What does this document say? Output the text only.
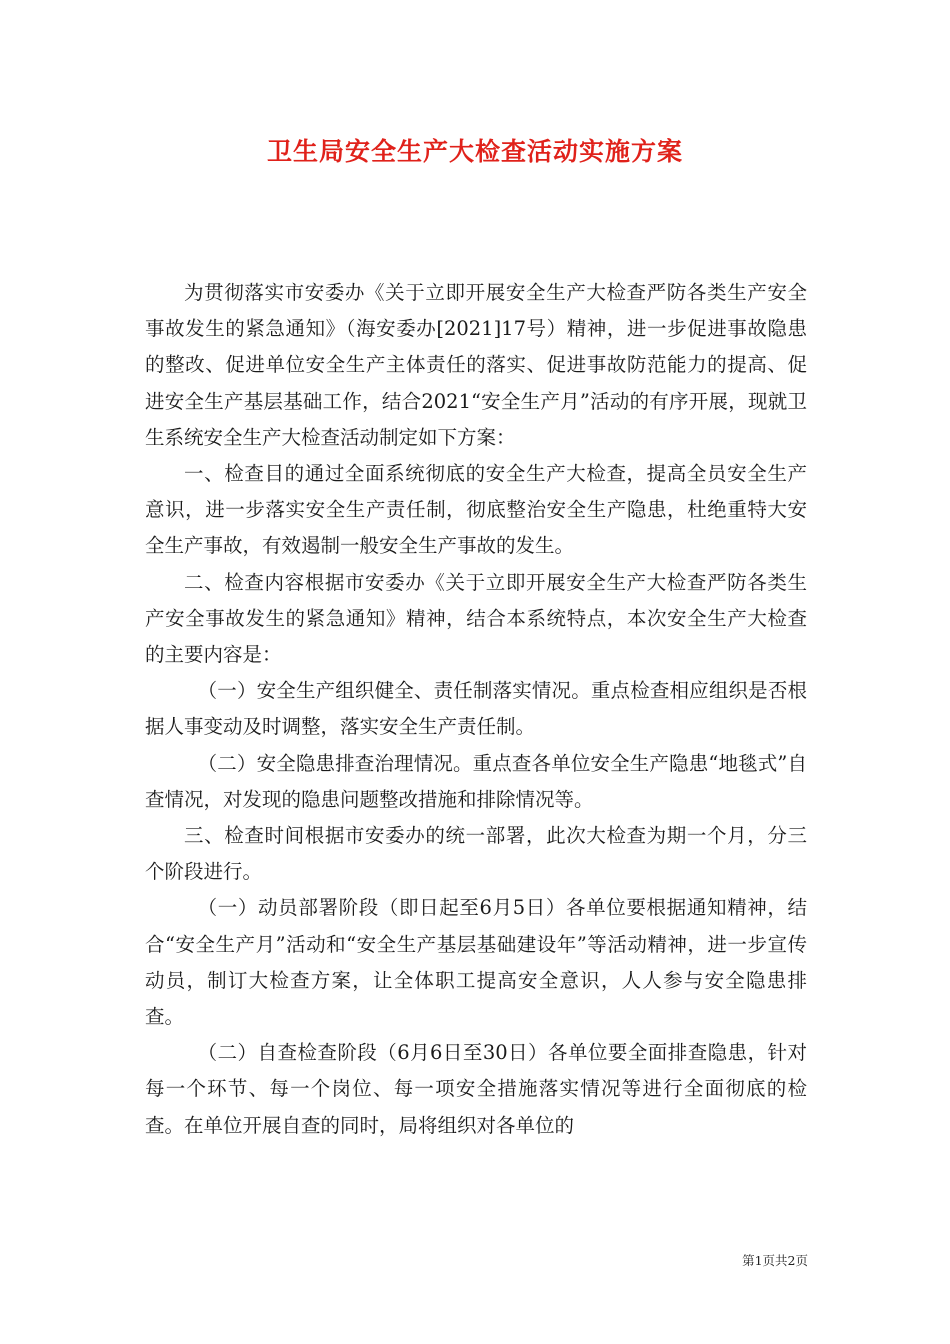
卫生局安全生产大检查活动实施方案

为贯彻落实市安委办《关于立即开展安全生产大检查严防各类生产安全事故发生的紧急通知》（海安委办[2021]17号）精神，进一步促进事故隐患的整改、促进单位安全生产主体责任的落实、促进事故防范能力的提高、促进安全生产基层基础工作，结合2021“安全生产月”活动的有序开展，现就卫生系统安全生产大检查活动制定如下方案：

一、检查目的通过全面系统彻底的安全生产大检查，提高全员安全生产意识，进一步落实安全生产责任制，彻底整治安全生产隐患，杜绝重特大安全生产事故，有效遏制一般安全生产事故的发生。

二、检查内容根据市安委办《关于立即开展安全生产大检查严防各类生产安全事故发生的紧急通知》精神，结合本系统特点，本次安全生产大检查的主要内容是：

（一）安全生产组织健全、责任制落实情况。重点检查相应组织是否根据人事变动及时调整，落实安全生产责任制。

（二）安全隐患排查治理情况。重点查各单位安全生产隐患“地毯式”自查情况，对发现的隐患问题整改措施和排除情况等。

三、检查时间根据市安委办的统一部署，此次大检查为期一个月，分三个阶段进行。

（一）动员部署阶段（即日起至6月5日）各单位要根据通知精神，结合“安全生产月”活动和“安全生产基层基础建设年”等活动精神，进一步宣传动员，制订大检查方案，让全体职工提高安全意识，人人参与安全隐患排查。

（二）自查检查阶段（6月6日至30日）各单位要全面排查隐患，针对每一个环节、每一个岗位、每一项安全措施落实情况等进行全面彻底的检查。在单位开展自查的同时，局将组织对各单位的

第1页共2页
